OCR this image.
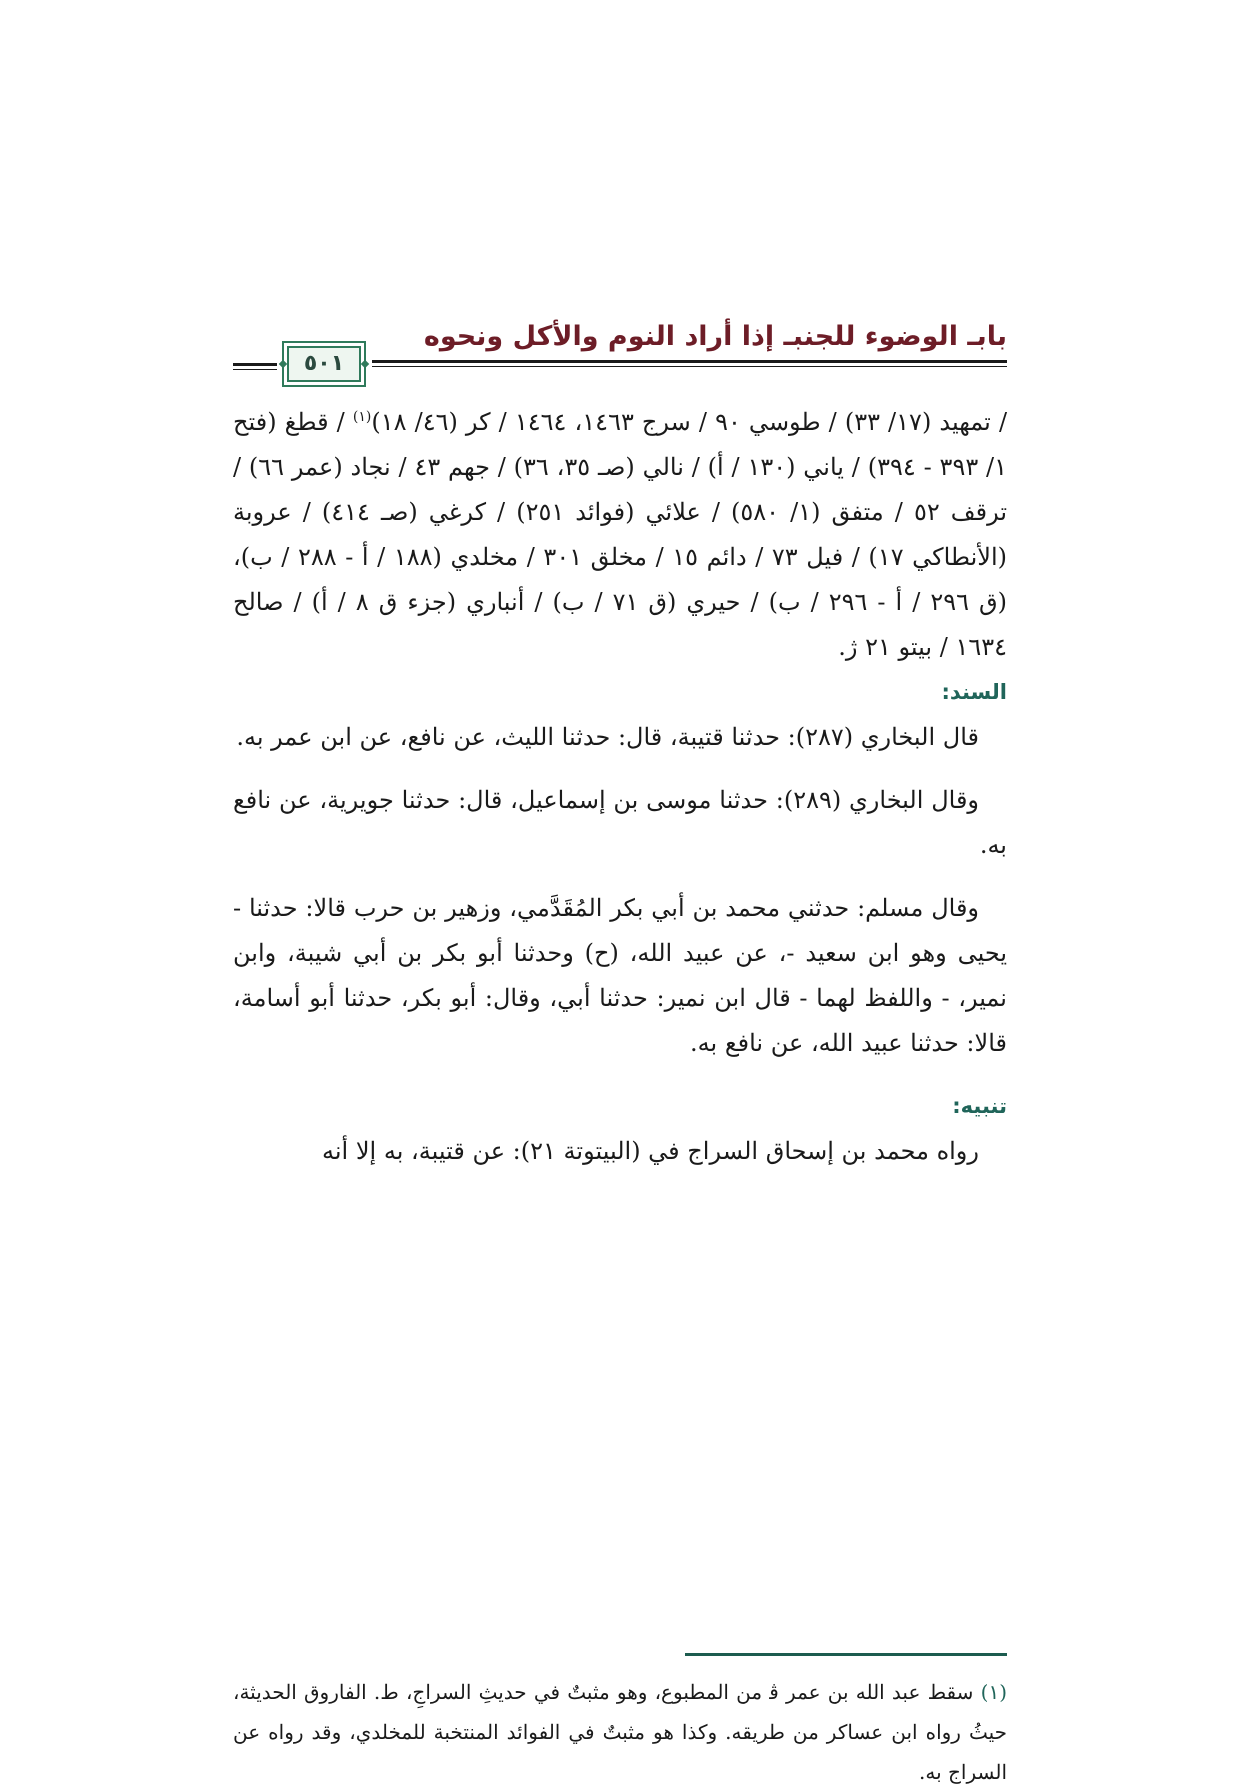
بابـ الوضوء للجنبـ إذا أراد النوم والأكل ونحوه
٥٠١

/ تمهيد (١٧/ ٣٣) / طوسي ٩٠ / سرج ١٤٦٣، ١٤٦٤ / كر (٤٦/ ١٨)$^{(١)}$ / قطغ (فتح ١/ ٣٩٣ - ٣٩٤) / ياني (١٣٠ / أ) / نالي (صـ ٣٥، ٣٦) / جهم ٤٣ / نجاد (عمر ٦٦) / ترقف ٥٢ / متفق (١/ ٥٨٠) / علائي (فوائد ٢٥١) / كرغي (صـ ٤١٤) / عروبة (الأنطاكي ١٧) / فيل ٧٣ / دائم ١٥ / مخلق ٣٠١ / مخلدي (١٨٨ / أ - ٢٨٨ / ب)، (ق ٢٩٦ / أ - ٢٩٦ / ب) / حيري (ق ٧١ / ب) / أنباري (جزء ق ٨ / أ) / صالح ١٦٣٤ / بيتو ٢١ ﮊ.

السند:

قال البخاري (٢٨٧): حدثنا قتيبة، قال: حدثنا الليث، عن نافع، عن ابن عمر به.

وقال البخاري (٢٨٩): حدثنا موسى بن إسماعيل، قال: حدثنا جويرية، عن نافع به.

وقال مسلم: حدثني محمد بن أبي بكر المُقَدَّمي، وزهير بن حرب قالا: حدثنا - يحيى وهو ابن سعيد -، عن عبيد الله، (ح) وحدثنا أبو بكر بن أبي شيبة، وابن نمير، - واللفظ لهما - قال ابن نمير: حدثنا أبي، وقال: أبو بكر، حدثنا أبو أسامة، قالا: حدثنا عبيد الله، عن نافع به.

تنبيه:

رواه محمد بن إسحاق السراج في (البيتوتة ٢١): عن قتيبة، به إلا أنه

(١) سقط عبد الله بن عمر ﭬ من المطبوع، وهو مثبتٌ في حديثِ السراجِ، ط. الفاروق الحديثة، حيثُ رواه ابن عساكر من طريقه. وكذا هو مثبتٌ في الفوائد المنتخبة للمخلدي، وقد رواه عن السراج به.
